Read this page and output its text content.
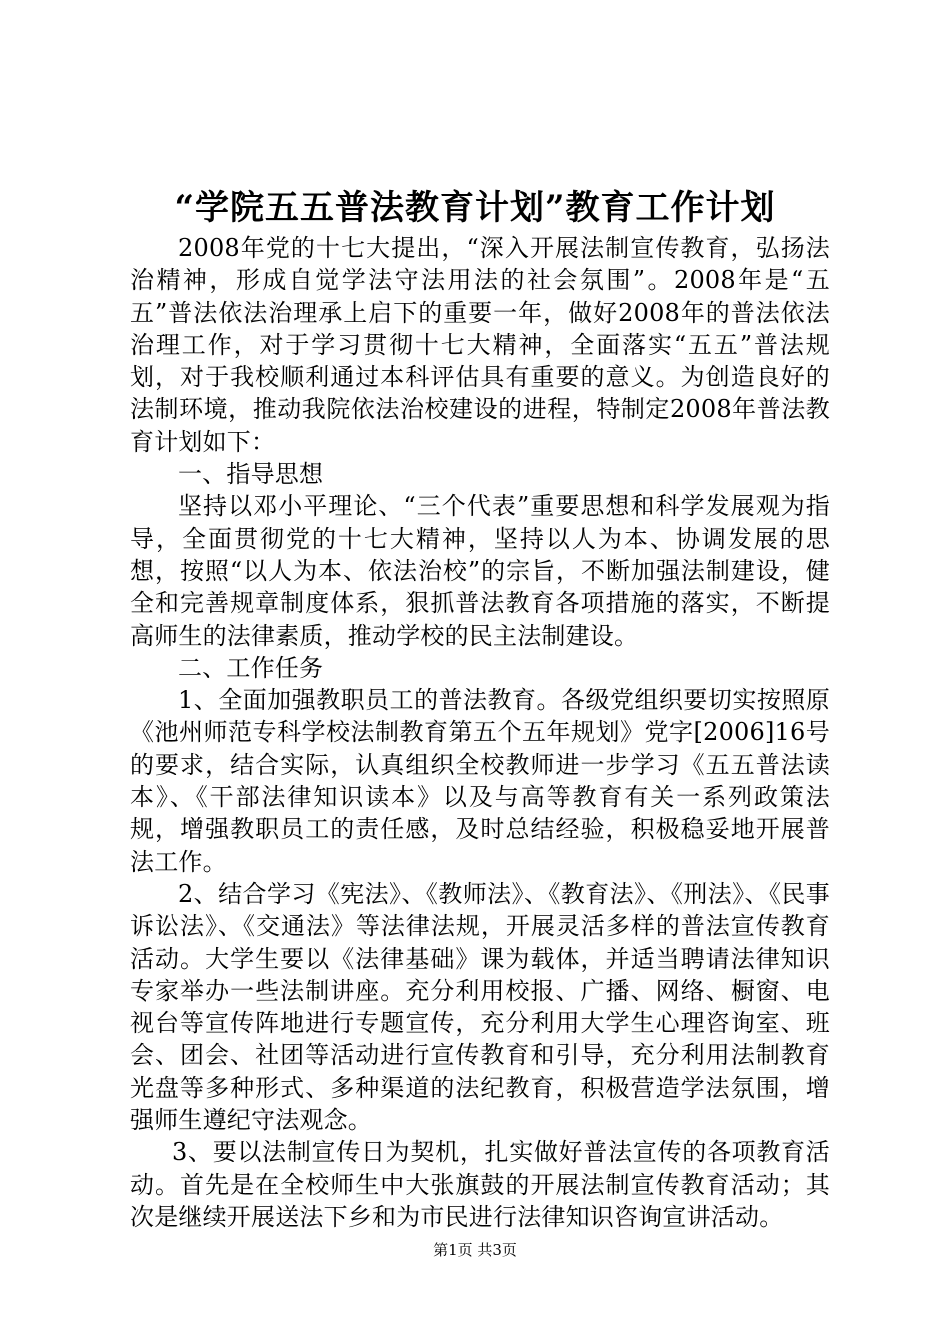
“学院五五普法教育计划”教育工作计划

2008年党的十七大提出，“深入开展法制宣传教育，弘扬法治精神，形成自觉学法守法用法的社会氛围”。2008年是“五五”普法依法治理承上启下的重要一年，做好2008年的普法依法治理工作，对于学习贯彻十七大精神，全面落实“五五”普法规划，对于我校顺利通过本科评估具有重要的意义。为创造良好的法制环境，推动我院依法治校建设的进程，特制定2008年普法教育计划如下：

一、指导思想

坚持以邓小平理论、“三个代表”重要思想和科学发展观为指导，全面贯彻党的十七大精神，坚持以人为本、协调发展的思想，按照“以人为本、依法治校”的宗旨，不断加强法制建设，健全和完善规章制度体系，狠抓普法教育各项措施的落实，不断提高师生的法律素质，推动学校的民主法制建设。

二、工作任务

1、全面加强教职员工的普法教育。各级党组织要切实按照原《池州师范专科学校法制教育第五个五年规划》党字[2006]16号的要求，结合实际，认真组织全校教师进一步学习《五五普法读本》、《干部法律知识读本》以及与高等教育有关一系列政策法规，增强教职员工的责任感，及时总结经验，积极稳妥地开展普法工作。

2、结合学习《宪法》、《教师法》、《教育法》、《刑法》、《民事诉讼法》、《交通法》等法律法规，开展灵活多样的普法宣传教育活动。大学生要以《法律基础》课为载体，并适当聘请法律知识专家举办一些法制讲座。充分利用校报、广播、网络、橱窗、电视台等宣传阵地进行专题宣传，充分利用大学生心理咨询室、班会、团会、社团等活动进行宣传教育和引导，充分利用法制教育光盘等多种形式、多种渠道的法纪教育，积极营造学法氛围，增强师生遵纪守法观念。

3、要以法制宣传日为契机，扎实做好普法宣传的各项教育活动。首先是在全校师生中大张旗鼓的开展法制宣传教育活动；其次是继续开展送法下乡和为市民进行法律知识咨询宣讲活动。

第1页 共3页
